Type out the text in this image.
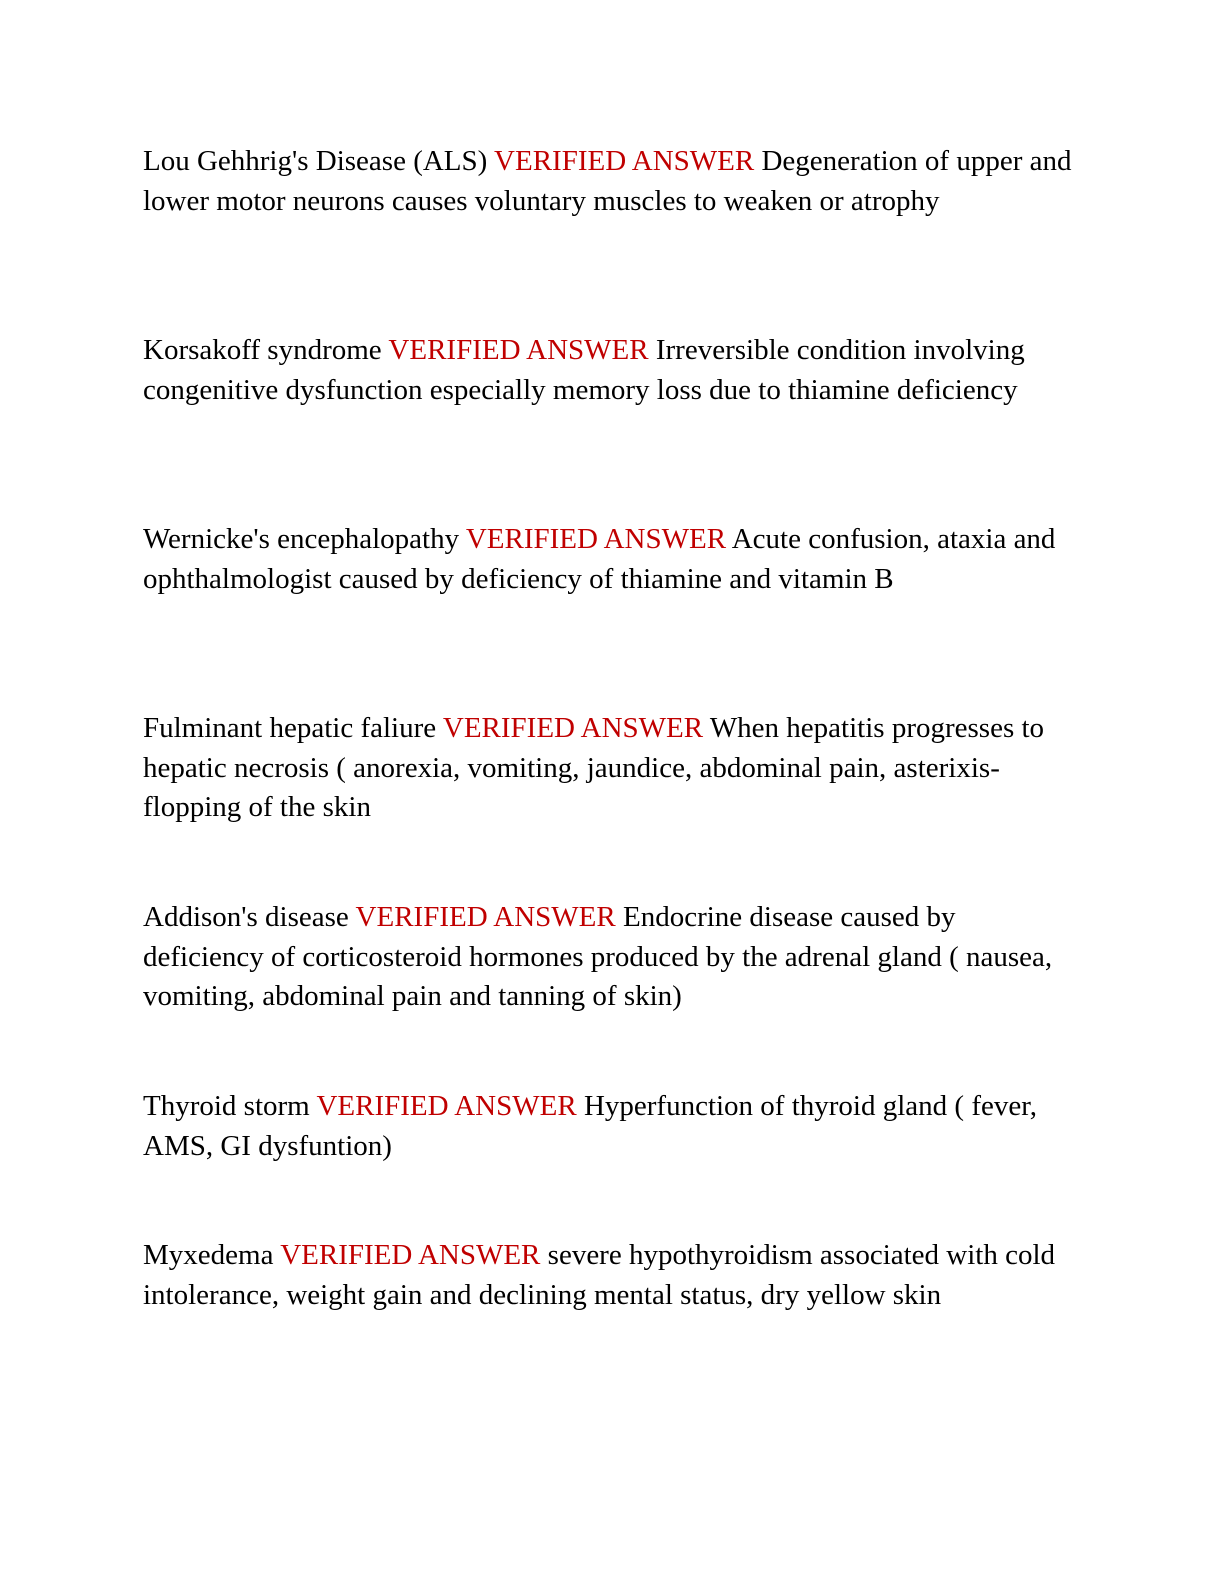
Lou Gehhrig's Disease (ALS) VERIFIED ANSWER Degeneration of upper and lower motor neurons causes voluntary muscles to weaken or atrophy

Korsakoff syndrome VERIFIED ANSWER Irreversible condition involving congenitive dysfunction especially memory loss due to thiamine deficiency

Wernicke's encephalopathy VERIFIED ANSWER Acute confusion, ataxia and ophthalmologist caused by deficiency of thiamine and vitamin B

Fulminant hepatic faliure VERIFIED ANSWER When hepatitis progresses to hepatic necrosis ( anorexia, vomiting, jaundice, abdominal pain, asterixis- flopping of the skin

Addison's disease VERIFIED ANSWER Endocrine disease caused by deficiency of corticosteroid hormones produced by the adrenal gland ( nausea, vomiting, abdominal pain and tanning of skin)

Thyroid storm VERIFIED ANSWER Hyperfunction of thyroid gland ( fever, AMS, GI dysfuntion)

Myxedema VERIFIED ANSWER severe hypothyroidism associated with cold intolerance, weight gain and declining mental status, dry yellow skin
